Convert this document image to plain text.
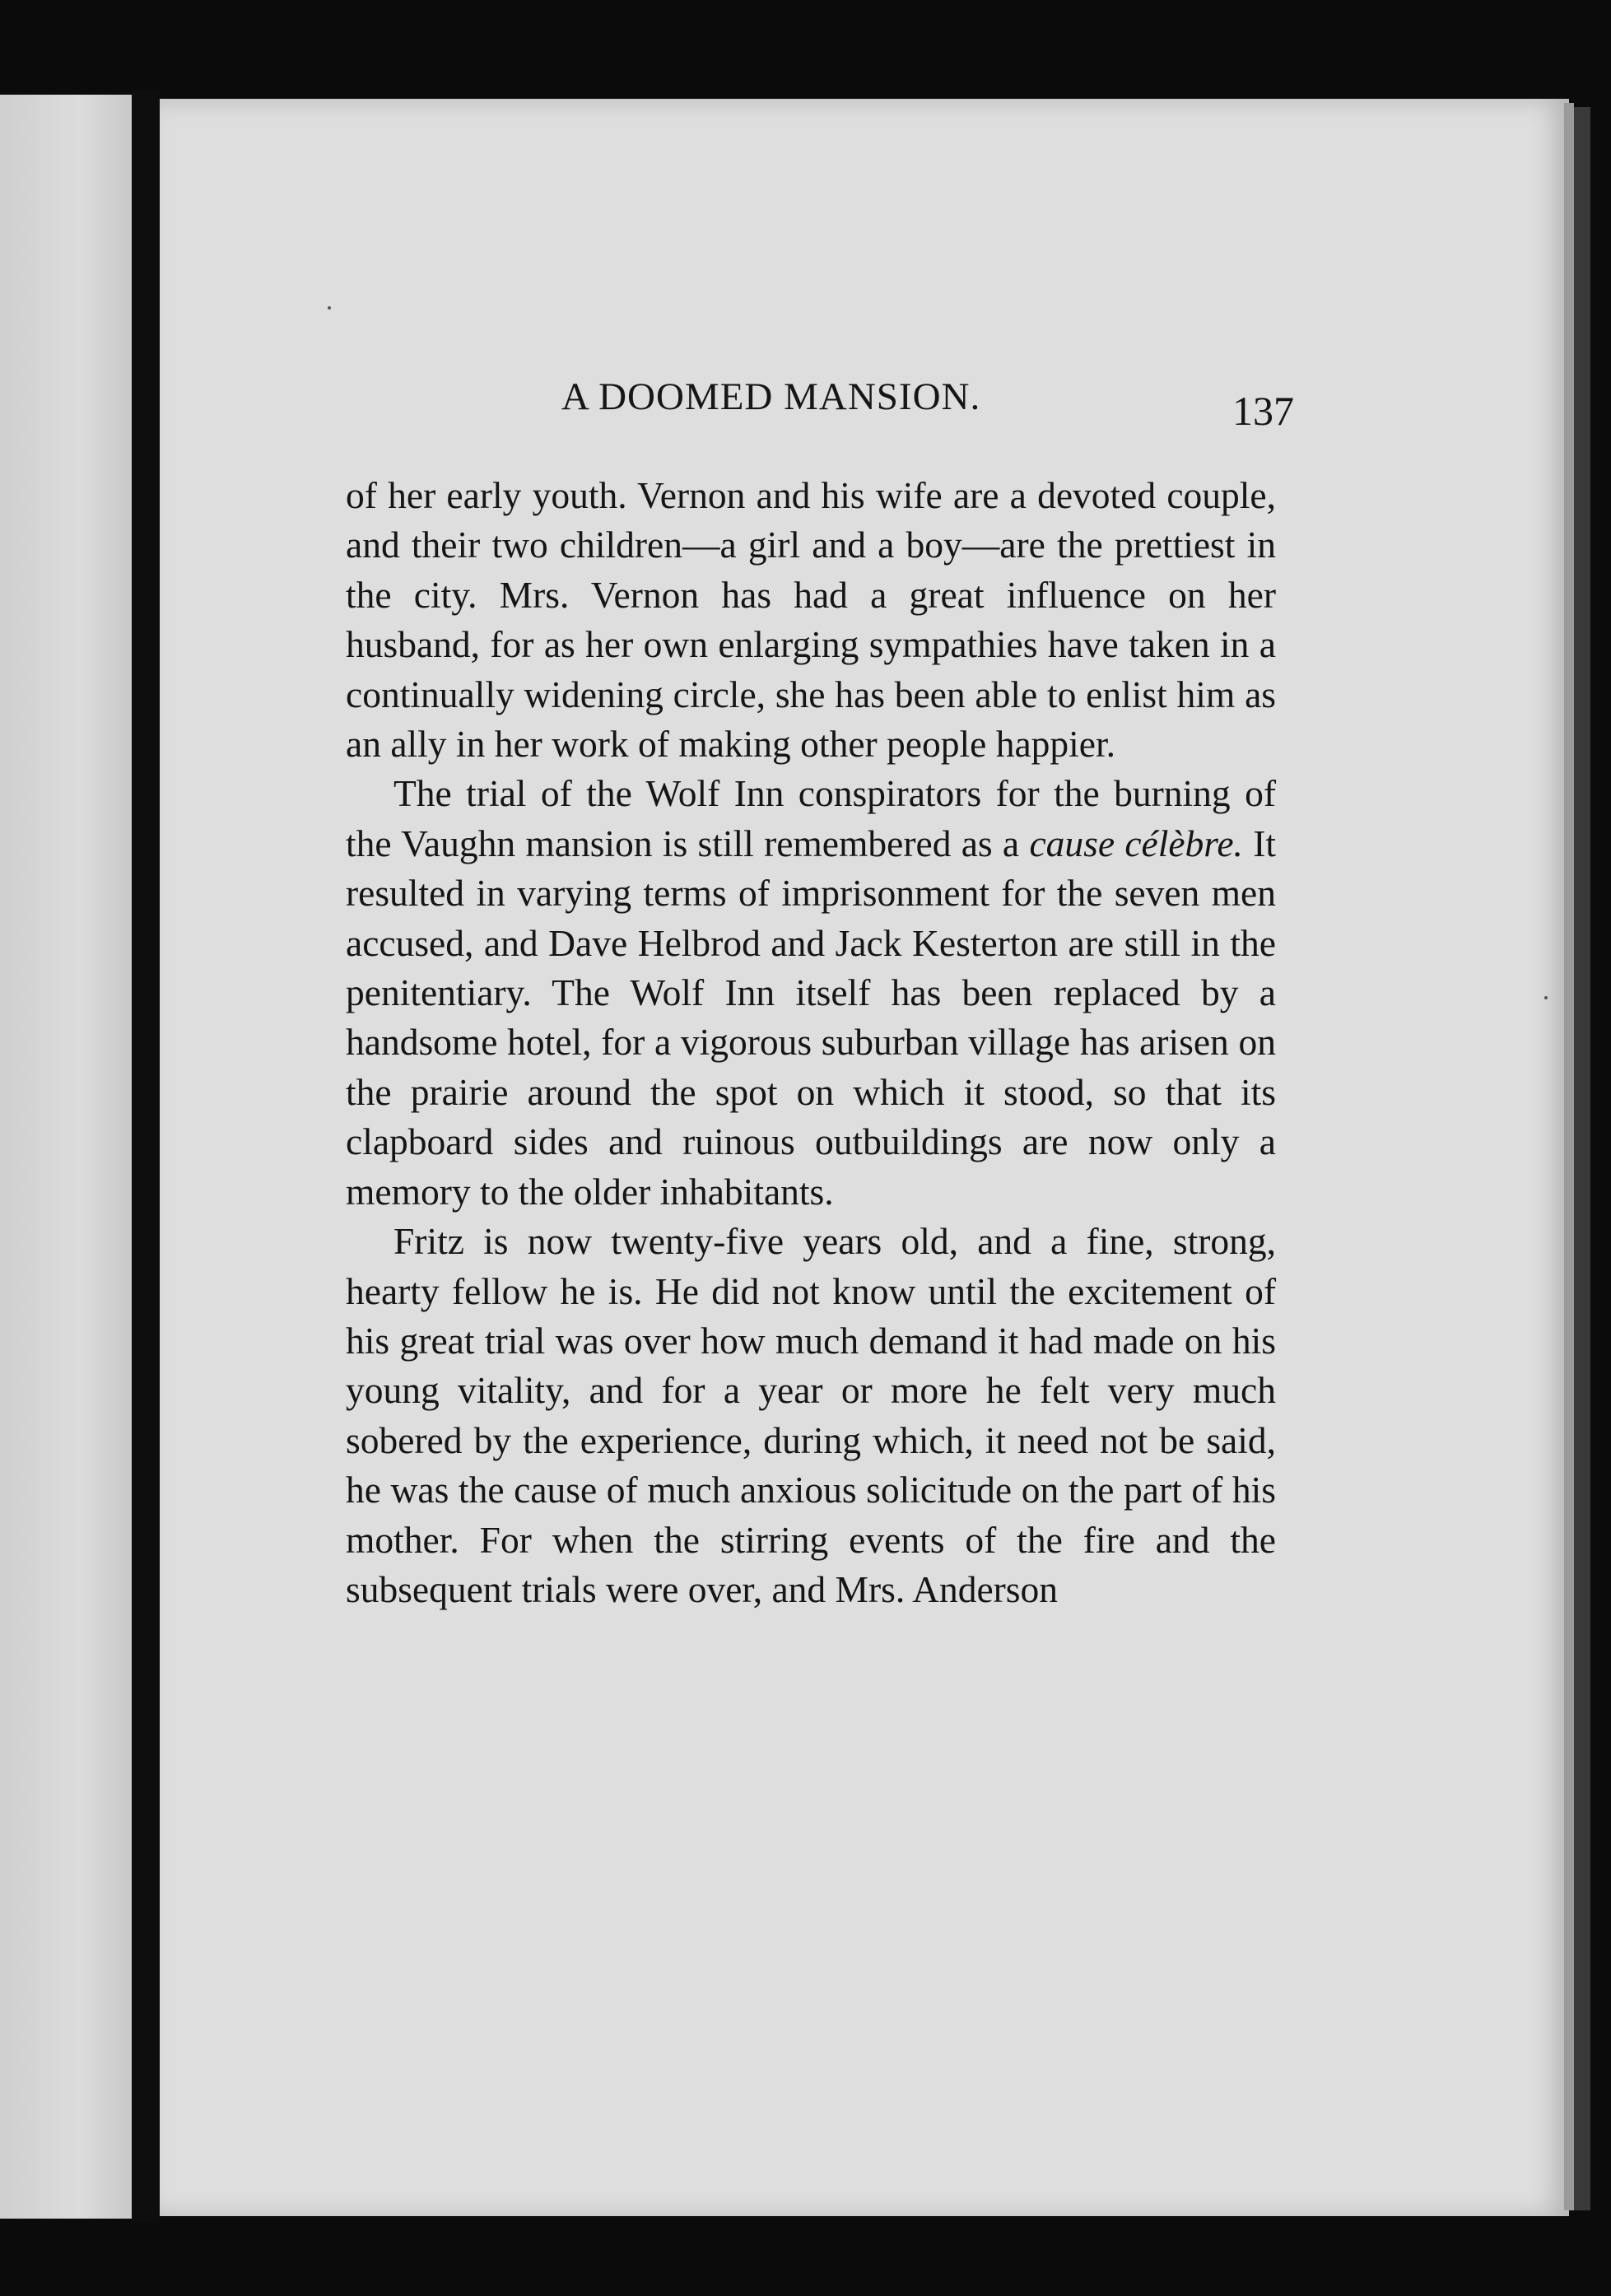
A DOOMED MANSION.	137

of her early youth. Vernon and his wife are a devoted couple, and their two children—a girl and a boy—are the prettiest in the city. Mrs. Vernon has had a great influence on her husband, for as her own enlarging sympathies have taken in a continually widening circle, she has been able to enlist him as an ally in her work of making other people happier.

The trial of the Wolf Inn conspirators for the burning of the Vaughn mansion is still remembered as a cause célèbre. It resulted in varying terms of imprisonment for the seven men accused, and Dave Helbrod and Jack Kesterton are still in the penitentiary. The Wolf Inn itself has been replaced by a handsome hotel, for a vigorous suburban village has arisen on the prairie around the spot on which it stood, so that its clapboard sides and ruinous outbuildings are now only a memory to the older inhabitants.

Fritz is now twenty-five years old, and a fine, strong, hearty fellow he is. He did not know until the excitement of his great trial was over how much demand it had made on his young vitality, and for a year or more he felt very much sobered by the experience, during which, it need not be said, he was the cause of much anxious solicitude on the part of his mother. For when the stirring events of the fire and the subsequent trials were over, and Mrs. Anderson
